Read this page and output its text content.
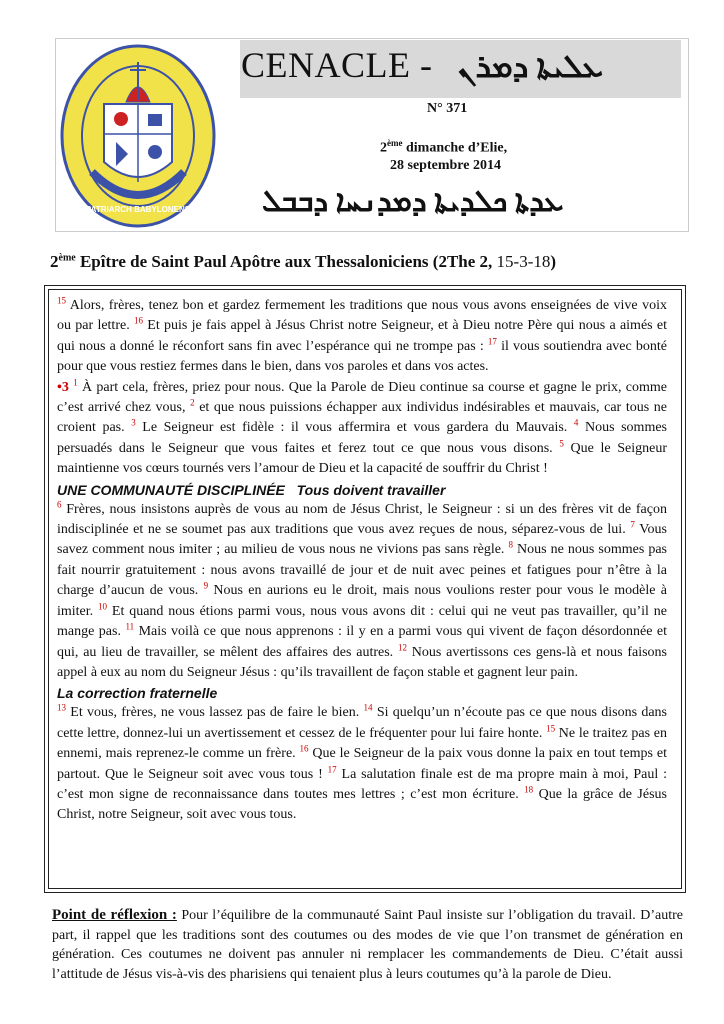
PATRIARCH BABYLONENS
CENACLE - ܥܠܝܬܐ ܕܡܪܢ
N° 371
2ème dimanche d’Elie,
28 septembre 2014
ܥܕܬܐ ܟܠܕܝܬܐ ܕܡܕܢܚܐ ܕܒܒܠ
2ème Epître de Saint Paul Apôtre aux Thessaloniciens (2The 2, 15-3-18)

$^{15}$ Alors, frères, tenez bon et gardez fermement les traditions que nous vous avons enseignées de vive voix ou par lettre. $^{16}$ Et puis je fais appel à Jésus Christ notre Seigneur, et à Dieu notre Père qui nous a aimés et qui nous a donné le réconfort sans fin avec l’espérance qui ne trompe pas : $^{17}$ il vous soutiendra avec bonté pour que vous restiez fermes dans le bien, dans vos paroles et dans vos actes.

•3 $^1$ À part cela, frères, priez pour nous. Que la Parole de Dieu continue sa course et gagne le prix, comme c’est arrivé chez vous, $^2$ et que nous puissions échapper aux individus indésirables et mauvais, car tous ne croient pas. $^3$ Le Seigneur est fidèle : il vous affermira et vous gardera du Mauvais. $^4$ Nous sommes persuadés dans le Seigneur que vous faites et ferez tout ce que nous vous disons. $^5$ Que le Seigneur maintienne vos cœurs tournés vers l’amour de Dieu et la capacité de souffrir du Christ !

UNE COMMUNAUTÉ DISCIPLINÉE   Tous doivent travailler

$^6$ Frères, nous insistons auprès de vous au nom de Jésus Christ, le Seigneur : si un des frères vit de façon indisciplinée et ne se soumet pas aux traditions que vous avez reçues de nous, séparez-vous de lui. $^7$ Vous savez comment nous imiter ; au milieu de vous nous ne vivions pas sans règle. $^8$ Nous ne nous sommes pas fait nourrir gratuitement : nous avons travaillé de jour et de nuit avec peines et fatigues pour n’être à la charge d’aucun de vous. $^9$ Nous en aurions eu le droit, mais nous voulions rester pour vous le modèle à imiter. $^{10}$ Et quand nous étions parmi vous, nous vous avons dit : celui qui ne veut pas travailler, qu’il ne mange pas. $^{11}$ Mais voilà ce que nous apprenons : il y en a parmi vous qui vivent de façon désordonnée et qui, au lieu de travailler, se mêlent des affaires des autres. $^{12}$ Nous avertissons ces gens-là et nous faisons appel à eux au nom du Seigneur Jésus : qu’ils travaillent de façon stable et gagnent leur pain.

La correction fraternelle

$^{13}$ Et vous, frères, ne vous lassez pas de faire le bien. $^{14}$ Si quelqu’un n’écoute pas ce que nous disons dans cette lettre, donnez-lui un avertissement et cessez de le fréquenter pour lui faire honte. $^{15}$ Ne le traitez pas en ennemi, mais reprenez-le comme un frère. $^{16}$ Que le Seigneur de la paix vous donne la paix en tout temps et partout. Que le Seigneur soit avec vous tous ! $^{17}$ La salutation finale est de ma propre main à moi, Paul : c’est mon signe de reconnaissance dans toutes mes lettres ; c’est mon écriture. $^{18}$ Que la grâce de Jésus Christ, notre Seigneur, soit avec vous tous.

Point de réflexion : Pour l’équilibre de la communauté Saint Paul insiste sur l’obligation du travail. D’autre part, il rappel que les traditions sont des coutumes ou des modes de vie que l’on transmet de génération en génération. Ces coutumes ne doivent pas annuler ni remplacer les commandements de Dieu. C’était aussi l’attitude de Jésus vis-à-vis des pharisiens qui tenaient plus à leurs coutumes qu’à la parole de Dieu.
